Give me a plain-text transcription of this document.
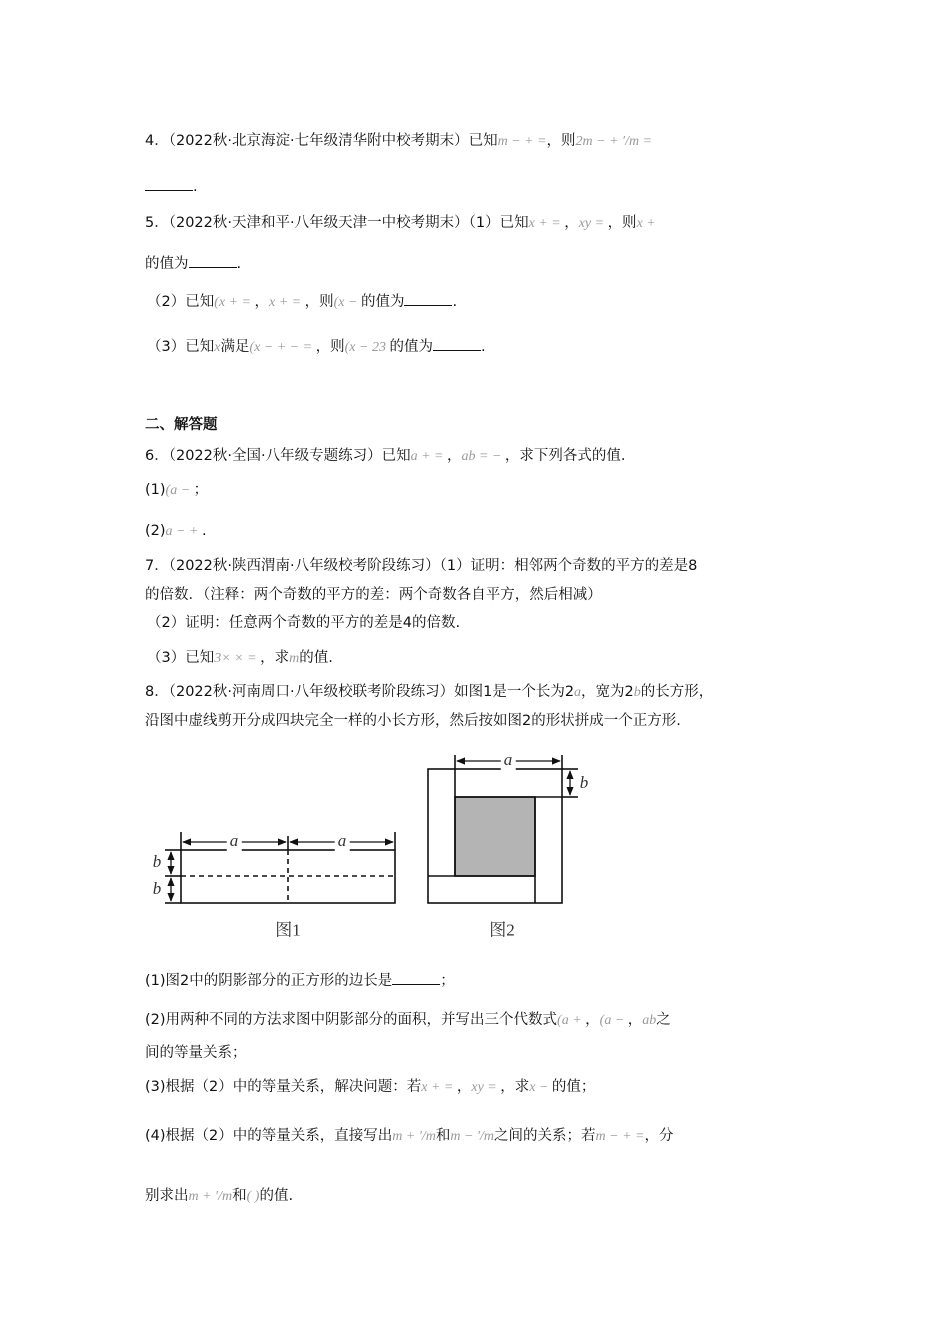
4．（2022秋·北京海淀·七年级清华附中校考期末）已知m − + =，则2m − + ′/m =
.
5．（2022秋·天津和平·八年级天津一中校考期末）（1）已知x + = ，xy = ，则x +
的值为	.
（2）已知(x + = ，x + = ，则(x − 的值为	.
（3）已知x满足(x − + − = ，则(x − 23 的值为	.
二、解答题
6．（2022秋·全国·八年级专题练习）已知a + = ，ab = − ，求下列各式的值.
(1)(a − ；
(2)a − + .
7．（2022秋·陕西渭南·八年级校考阶段练习）（1）证明：相邻两个奇数的平方的差是8
的倍数．（注释：两个奇数的平方的差：两个奇数各自平方，然后相减）
（2）证明：任意两个奇数的平方的差是4的倍数.
（3）已知3× × = ，求m的值.
8．（2022秋·河南周口·八年级校联考阶段练习）如图1是一个长为2a，宽为2b的长方形，
沿图中虚线剪开分成四块完全一样的小长方形，然后按如图2的形状拼成一个正方形.
(1)图2中的阴影部分的正方形的边长是	；
(2)用两种不同的方法求图中阴影部分的面积，并写出三个代数式(a + ，(a − ，ab之
间的等量关系；
(3)根据（2）中的等量关系，解决问题：若x + = ，xy = ，求x − 的值；
(4)根据（2）中的等量关系，直接写出m + ′/m和m − ′/m之间的关系；若m − + =，分
别求出m + ′/m和( )的值.
a	a
b
b
a
b
图1	图2
